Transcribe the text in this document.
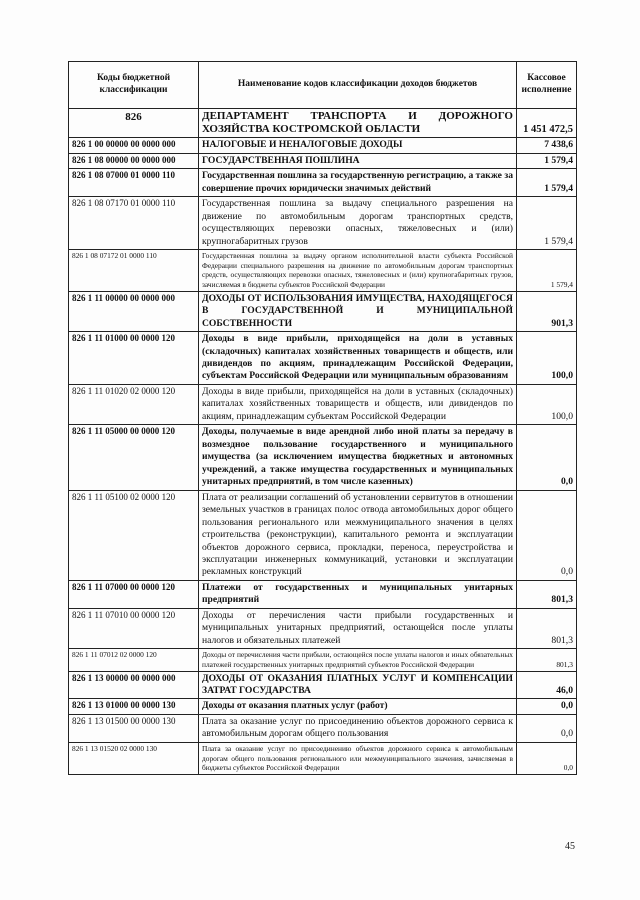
Коды бюджетной классификации	Наименование кодов классификации доходов бюджетов	Кассовое исполнение
826	ДЕПАРТАМЕНТ ТРАНСПОРТА И ДОРОЖНОГО ХОЗЯЙСТВА КОСТРОМСКОЙ ОБЛАСТИ	1 451 472,5
826 1 00 00000 00 0000 000	НАЛОГОВЫЕ И НЕНАЛОГОВЫЕ ДОХОДЫ	7 438,6
826 1 08 00000 00 0000 000	ГОСУДАРСТВЕННАЯ ПОШЛИНА	1 579,4
826 1 08 07000 01 0000 110	Государственная пошлина за государственную регистрацию, а также за совершение прочих юридически значимых действий	1 579,4
826 1 08 07170 01 0000 110	Государственная пошлина за выдачу специального разрешения на движение по автомобильным дорогам транспортных средств, осуществляющих перевозки опасных, тяжеловесных и (или) крупногабаритных грузов	1 579,4
826 1 08 07172 01 0000 110	Государственная пошлина за выдачу органом исполнительной власти субъекта Российской Федерации специального разрешения на движение по автомобильным дорогам транспортных средств, осуществляющих перевозки опасных, тяжеловесных и (или) крупногабаритных грузов, зачисляемая в бюджеты субъектов Российской Федерации	1 579,4
826 1 11 00000 00 0000 000	ДОХОДЫ ОТ ИСПОЛЬЗОВАНИЯ ИМУЩЕСТВА, НАХОДЯЩЕГОСЯ В ГОСУДАРСТВЕННОЙ И МУНИЦИПАЛЬНОЙ СОБСТВЕННОСТИ	901,3
826 1 11 01000 00 0000 120	Доходы в виде прибыли, приходящейся на доли в уставных (складочных) капиталах хозяйственных товариществ и обществ, или дивидендов по акциям, принадлежащим Российской Федерации, субъектам Российской Федерации или муниципальным образованиям	100,0
826 1 11 01020 02 0000 120	Доходы в виде прибыли, приходящейся на доли в уставных (складочных) капиталах хозяйственных товариществ и обществ, или дивидендов по акциям, принадлежащим субъектам Российской Федерации	100,0
826 1 11 05000 00 0000 120	Доходы, получаемые в виде арендной либо иной платы за передачу в возмездное пользование государственного и муниципального имущества (за исключением имущества бюджетных и автономных учреждений, а также имущества государственных и муниципальных унитарных предприятий, в том числе казенных)	0,0
826 1 11 05100 02 0000 120	Плата от реализации соглашений об установлении сервитутов в отношении земельных участков в границах полос отвода автомобильных дорог общего пользования регионального или межмуниципального значения в целях строительства (реконструкции), капитального ремонта и эксплуатации объектов дорожного сервиса, прокладки, переноса, переустройства и эксплуатации инженерных коммуникаций, установки и эксплуатации рекламных конструкций	0,0
826 1 11 07000 00 0000 120	Платежи от государственных и муниципальных унитарных предприятий	801,3
826 1 11 07010 00 0000 120	Доходы от перечисления части прибыли государственных и муниципальных унитарных предприятий, остающейся после уплаты налогов и обязательных платежей	801,3
826 1 11 07012 02 0000 120	Доходы от перечисления части прибыли, остающейся после уплаты налогов и иных обязательных платежей государственных унитарных предприятий субъектов Российской Федерации	801,3
826 1 13 00000 00 0000 000	ДОХОДЫ ОТ ОКАЗАНИЯ ПЛАТНЫХ УСЛУГ И КОМПЕНСАЦИИ ЗАТРАТ ГОСУДАРСТВА	46,0
826 1 13 01000 00 0000 130	Доходы от оказания платных услуг (работ)	0,0
826 1 13 01500 00 0000 130	Плата за оказание услуг по присоединению объектов дорожного сервиса к автомобильным дорогам общего пользования	0,0
826 1 13 01520 02 0000 130	Плата за оказание услуг по присоединению объектов дорожного сервиса к автомобильным дорогам общего пользования регионального или межмуниципального значения, зачисляемая в бюджеты субъектов Российской Федерации	0,0
45
